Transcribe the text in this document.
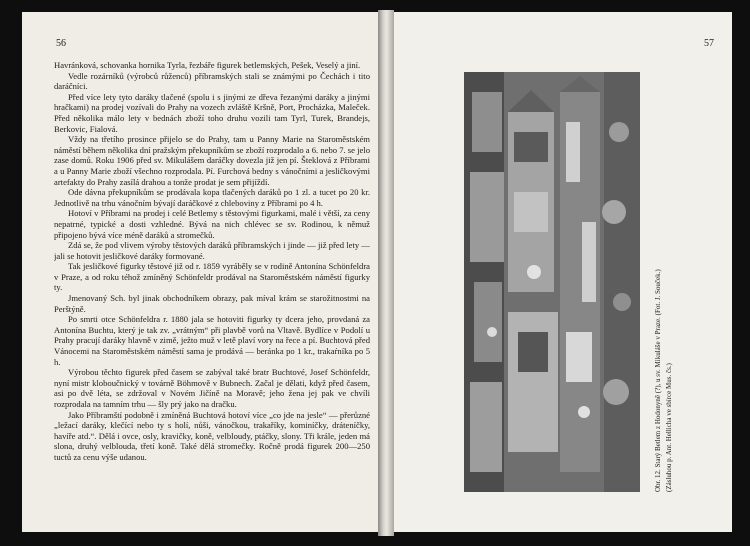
56	57

Havránková, schovanka hornika Tyrla, řezbáře figurek betlemských, Pešek, Veselý a jiní.

Vedle rozárníků (výrobců růženců) příbramských stali se známými po Čechách i tito daráčníci.

Před více lety tyto daráky tlačené (spolu i s jinými ze dřeva řezanými daráky a jinými hračkami) na prodej vozívali do Prahy na vozech zvláště Kršně, Port, Procházka, Maleček. Před několika málo lety v bednách zboží toho druhu vozili tam Tyrl, Turek, Brandejs, Berkovic, Fialová.

Vždy na třetího prosince přijelo se do Prahy, tam u Panny Marie na Staroměstském náměstí během několika dní pražským překupníkům se zboží rozprodalo a 6. nebo 7. se jelo zase domů. Roku 1906 před sv. Mikulášem daráčky dovezla již jen pí. Šteklová z Příbrami a u Panny Marie zboží všechno rozprodala. Pí. Furchová bedny s vánočními a jesličkovými artefakty do Prahy zasílá drahou a tonže prodat je sem přijíždí.

Ode dávna překupníkům se prodávala kopa tlačených daráků po 1 zl. a tucet po 20 kr. Jednotlivě na trhu vánočním bývají daráčkové z chlebovinу z Příbrami po 4 h.

Hotoví v Příbrami na prodej i celé Betlemy s těstovými figurkami, malé i větší, za ceny nepatrné, typické a dosti vzhledné. Bývá na nich chlévec se sv. Rodinou, k němuž připojeno bývá více méně daráků a stromečků.

Zdá se, že pod vlivem výroby těstových daráků příbramských i jinde — již před lety — jali se hotovit jesličkové daráky formované.

Tak jesličkové figurky těstové již od r. 1859 vyráběly se v rodině Antonína Schönfeldra v Praze, a od roku téhož zmíněný Schönfeldr prodával na Staroměstském náměstí figurky ty.

Jmenovaný Sch. byl jinak obchodníkem obrazy, pak míval krám se starožitnostmi na Perštýně.

Po smrti otce Schönfeldra r. 1880 jala se hotoviti figurky ty dcera jeho, provdaná za Antonína Buchtu, který je tak zv. „vrátným“ při plavbě vorů na Vltavě. Bydlíce v Podolí u Prahy pracují daráky hlavně v zimě, ježto muž v letě plaví vory na řece a pí. Buchtová před Vánocemi na Staroměstském náměstí sama je prodává — beránka po 1 kr., trakaŕníka po 5 h.

Výrobou těchto figurek před časem se zabýval také bratr Buchtové, Josef Schönfeldr, nyní mistr kloboučnický v továrně Böhmově v Bubnech. Začal je dělati, když před časem, asi po dvě léta, se zdržoval v Novém Jičíně na Moravě; jeho žena jej pak ve chvíli rozprodala na tamním trhu — šly prý jako na dračku.

Jako Příbramští podobně i zmíněná Buchtová hotoví více „co jde na jesle“ — přerůzné „ležací daráky, klečící nebo ty s holí, nůši, vánočkou, trakaříky, kominíčky, dráteníčky, havíře atd.“. Dělá i ovce, osly, kravičky, koně, velblouđy, ptáčky, slony. Tři krále, jeden má slona, druhý velblouda, třetí koně. Také dělá stromečky. Ročně prodá figurek 200—250 tuctů za cenu výše udanou.	Obr. 12. Starý Betlem z Hodonyně (?), u sv. Mikuláše v Praze. (Fot. J. Souček.) (Zásluhou p. Ant. Hellicha ve sbírce Mus. čs.)
